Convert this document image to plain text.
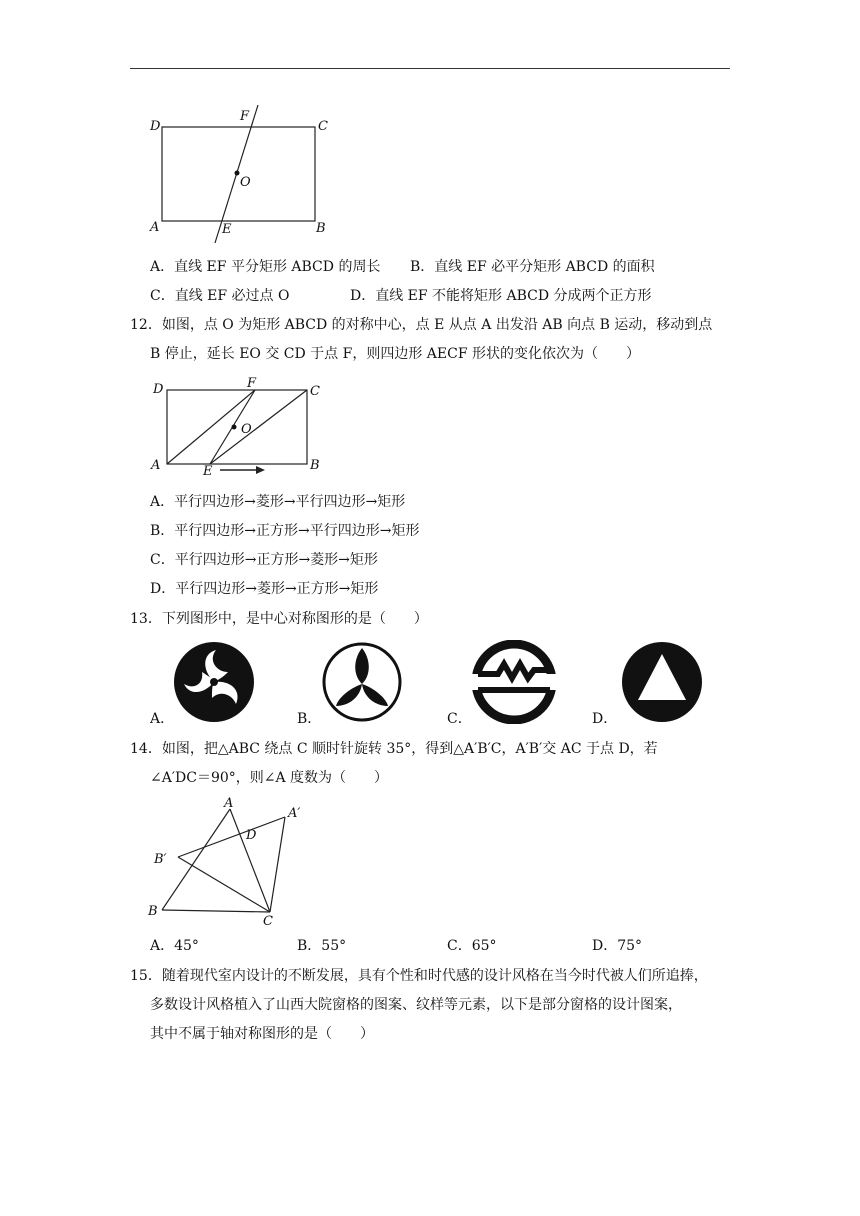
D
F
C
O
A	E	B
A．直线 EF 平分矩形 ABCD 的周长 B．直线 EF 必平分矩形 ABCD 的面积
C．直线 EF 必过点 O	D．直线 EF 不能将矩形 ABCD 分成两个正方形
12．如图，点 O 为矩形 ABCD 的对称中心，点 E 从点 A 出发沿 AB 向点 B 运动，移动到点
B 停止，延长 EO 交 CD 于点 F，则四边形 AECF 形状的变化依次为（　　）
D	F
C
O
A	E	B
A．平行四边形→菱形→平行四边形→矩形
B．平行四边形→正方形→平行四边形→矩形
C．平行四边形→正方形→菱形→矩形
D．平行四边形→菱形→正方形→矩形
13．下列图形中，是中心对称图形的是（　　）
A．	B．	C．	D．
14．如图，把△ABC 绕点 C 顺时针旋转 35°，得到△A′B′C，A′B′交 AC 于点 D，若
∠A′DC＝90°，则∠A 度数为（　　）
A
A′
D
B′
B
C
A．45°	B．55°	C．65°	D．75°
15．随着现代室内设计的不断发展，具有个性和时代感的设计风格在当今时代被人们所追捧，
多数设计风格植入了山西大院窗格的图案、纹样等元素，以下是部分窗格的设计图案，
其中不属于轴对称图形的是（　　）
